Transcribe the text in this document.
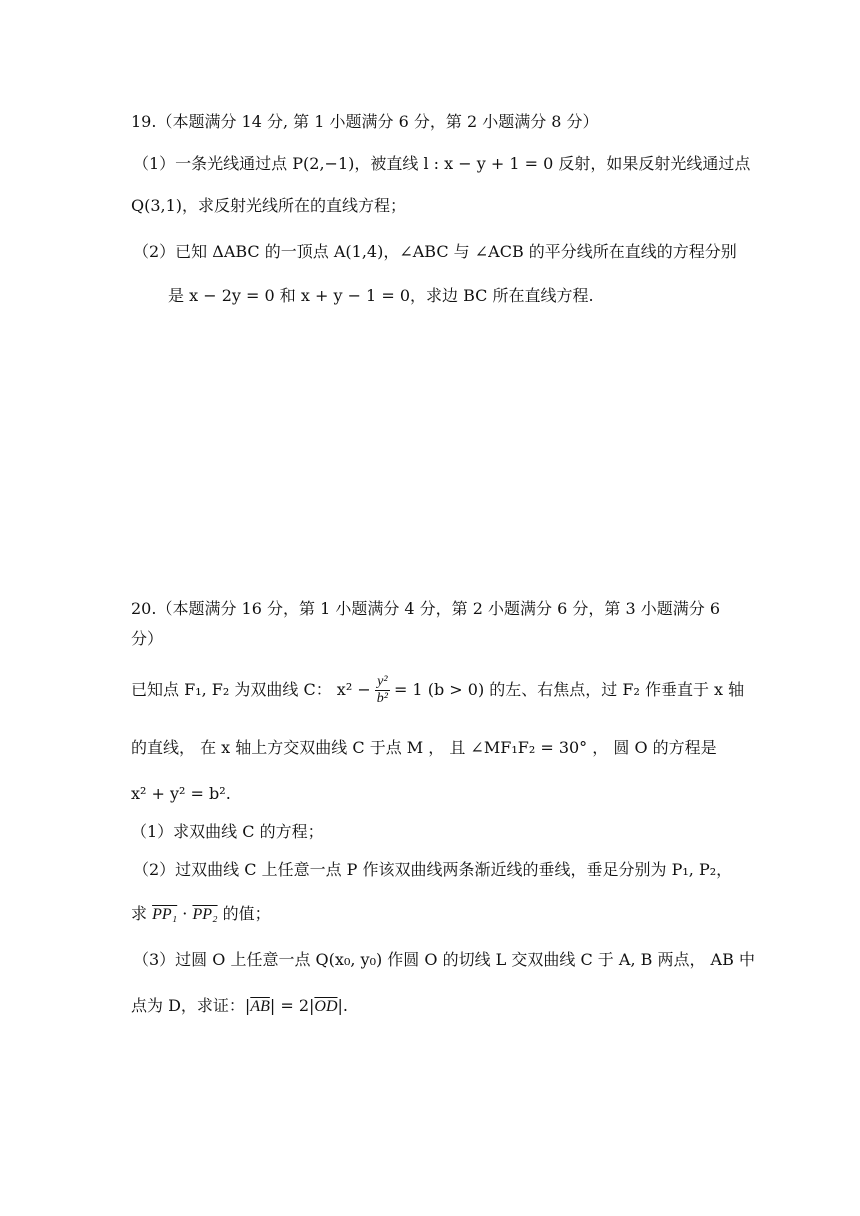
19.（本题满分 14 分, 第 1 小题满分 6 分，第 2 小题满分 8 分）
（1）一条光线通过点 P(2,−1)，被直线 l : x − y + 1 = 0 反射，如果反射光线通过点
Q(3,1)，求反射光线所在的直线方程；
（2）已知 ΔABC 的一顶点 A(1,4)，∠ABC 与 ∠ACB 的平分线所在直线的方程分别
是 x − 2y = 0 和 x + y − 1 = 0，求边 BC 所在直线方程.
20.（本题满分 16 分，第 1 小题满分 4 分，第 2 小题满分 6 分，第 3 小题满分 6
分）
已知点 F₁, F₂ 为双曲线 C： $x^2 - \frac{\text{y²}}{\text{b²}} = 1$ (b > 0) 的左、右焦点，过 F₂ 作垂直于 x 轴
的直线， 在 x 轴上方交双曲线 C 于点 M ， 且 ∠MF₁F₂ = 30° ， 圆 O 的方程是
x² + y² = b².
（1）求双曲线 C 的方程；
（2）过双曲线 C 上任意一点 P 作该双曲线两条渐近线的垂线，垂足分别为 P₁, P₂，
求 PP₁ · PP₂ 的值；
（3）过圆 O 上任意一点 Q(x₀, y₀) 作圆 O 的切线 L 交双曲线 C 于 A, B 两点， AB 中
点为 D，求证：$|\overline{AB}| = 2|\overline{OD}|$.
